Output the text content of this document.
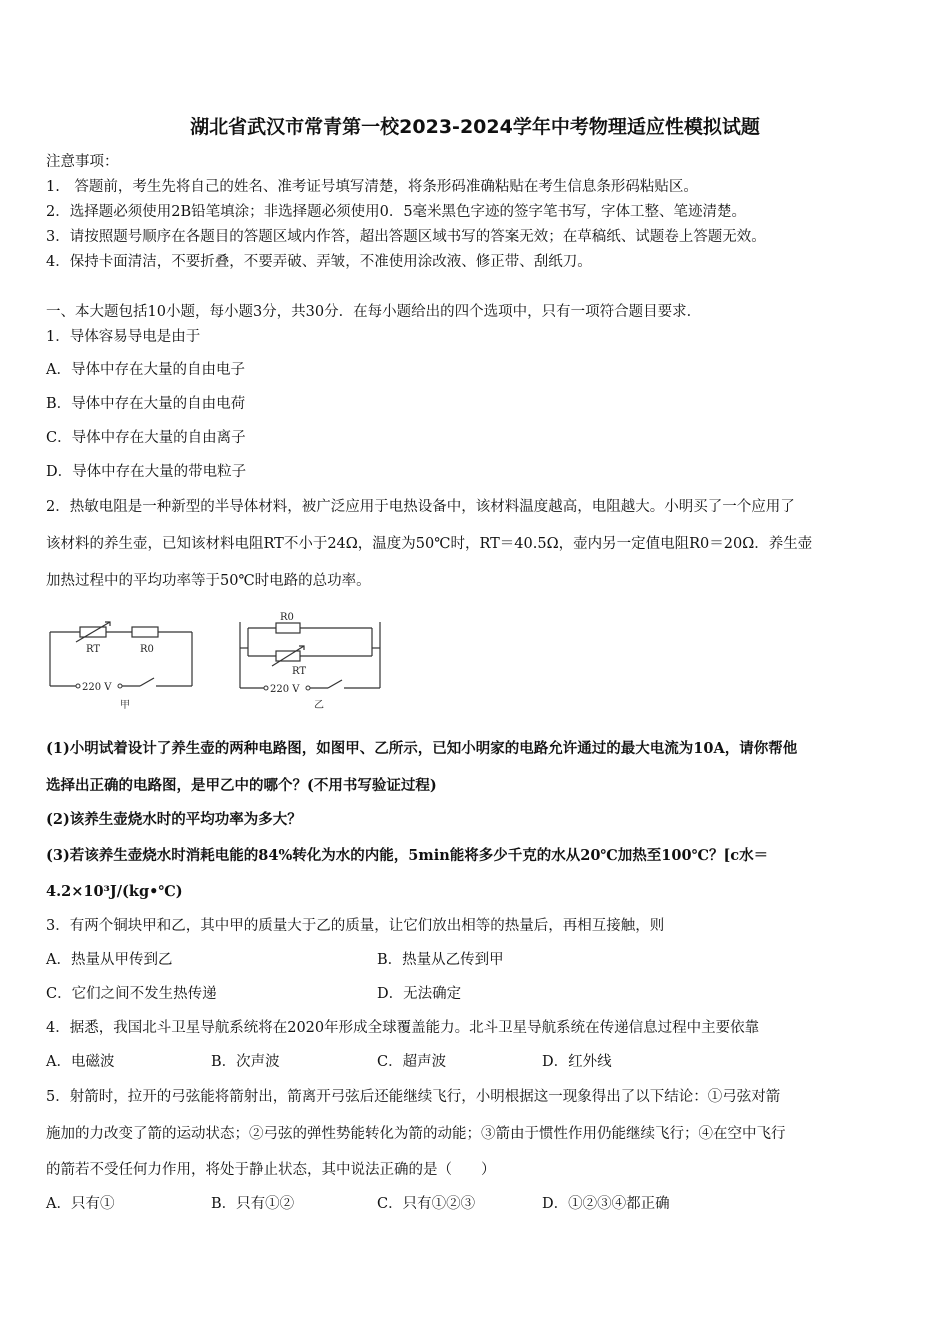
湖北省武汉市常青第一校2023-2024学年中考物理适应性模拟试题
注意事项：
1.　答题前，考生先将自己的姓名、准考证号填写清楚，将条形码准确粘贴在考生信息条形码粘贴区。
2．选择题必须使用2B铅笔填涂；非选择题必须使用0．5毫米黑色字迹的签字笔书写，字体工整、笔迹清楚。
3．请按照题号顺序在各题目的答题区域内作答，超出答题区域书写的答案无效；在草稿纸、试题卷上答题无效。
4．保持卡面清洁，不要折叠，不要弄破、弄皱，不准使用涂改液、修正带、刮纸刀。
一、本大题包括10小题，每小题3分，共30分．在每小题给出的四个选项中，只有一项符合题目要求．
1．导体容易导电是由于
A．导体中存在大量的自由电子
B．导体中存在大量的自由电荷
C．导体中存在大量的自由离子
D．导体中存在大量的带电粒子
2．热敏电阻是一种新型的半导体材料，被广泛应用于电热设备中，该材料温度越高，电阻越大。小明买了一个应用了
该材料的养生壶，已知该材料电阻RT不小于24Ω，温度为50℃时，RT＝40.5Ω，壶内另一定值电阻R0＝20Ω．养生壶
加热过程中的平均功率等于50℃时电路的总功率。
220 V
RT	R0
甲
220 V
R0
RT
乙
(1)小明试着设计了养生壶的两种电路图，如图甲、乙所示，已知小明家的电路允许通过的最大电流为10A，请你帮他
选择出正确的电路图，是甲乙中的哪个？(不用书写验证过程)
(2)该养生壶烧水时的平均功率为多大？
(3)若该养生壶烧水时消耗电能的84%转化为水的内能，5min能将多少千克的水从20℃加热至100℃？[c水＝
4.2×10³J/(kg•℃)
3．有两个铜块甲和乙，其中甲的质量大于乙的质量，让它们放出相等的热量后，再相互接触，则
A．热量从甲传到乙	B．热量从乙传到甲
C．它们之间不发生热传递	D．无法确定
4．据悉，我国北斗卫星导航系统将在2020年形成全球覆盖能力。北斗卫星导航系统在传递信息过程中主要依靠
A．电磁波	B．次声波	C．超声波	D．红外线
5．射箭时，拉开的弓弦能将箭射出，箭离开弓弦后还能继续飞行，小明根据这一现象得出了以下结论：①弓弦对箭
施加的力改变了箭的运动状态；②弓弦的弹性势能转化为箭的动能；③箭由于惯性作用仍能继续飞行；④在空中飞行
的箭若不受任何力作用，将处于静止状态，其中说法正确的是（　　）
A．只有①	B．只有①②	C．只有①②③	D．①②③④都正确
